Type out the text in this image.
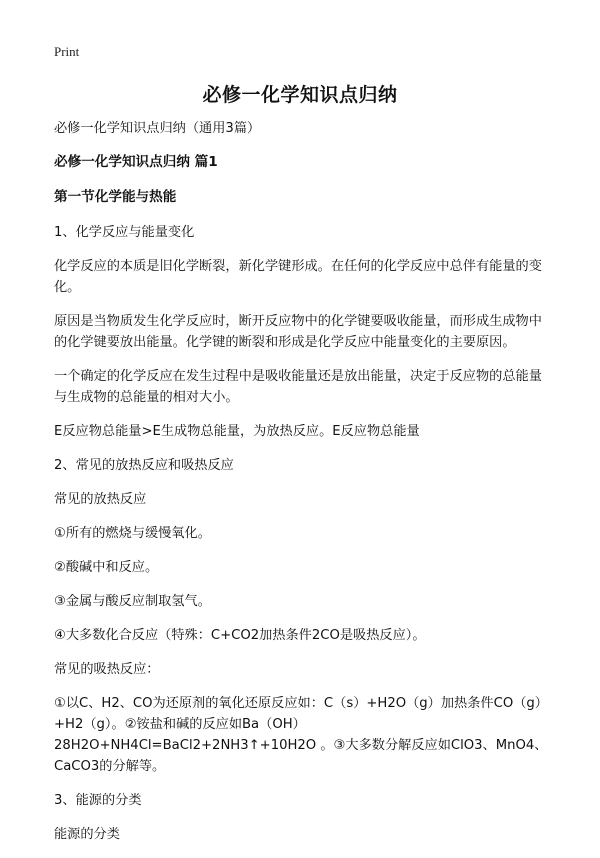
Print
必修一化学知识点归纳

必修一化学知识点归纳（通用3篇）

必修一化学知识点归纳 篇1

第一节化学能与热能

1、化学反应与能量变化

化学反应的本质是旧化学断裂，新化学键形成。在任何的化学反应中总伴有能量的变化。

原因是当物质发生化学反应时，断开反应物中的化学键要吸收能量，而形成生成物中的化学键要放出能量。化学键的断裂和形成是化学反应中能量变化的主要原因。

一个确定的化学反应在发生过程中是吸收能量还是放出能量，决定于反应物的总能量与生成物的总能量的相对大小。

E反应物总能量>E生成物总能量，为放热反应。E反应物总能量

2、常见的放热反应和吸热反应

常见的放热反应

①所有的燃烧与缓慢氧化。

②酸碱中和反应。

③金属与酸反应制取氢气。

④大多数化合反应（特殊：C+CO2加热条件2CO是吸热反应）。

常见的吸热反应：

①以C、H2、CO为还原剂的氧化还原反应如：C（s）+H2O（g）加热条件CO（g）+H2（g）。②铵盐和碱的反应如Ba（OH）28H2O+NH4Cl=BaCl2+2NH3↑+10H2O 。③大多数分解反应如ClO3、MnO4、CaCO3的分解等。

3、能源的分类

能源的分类
